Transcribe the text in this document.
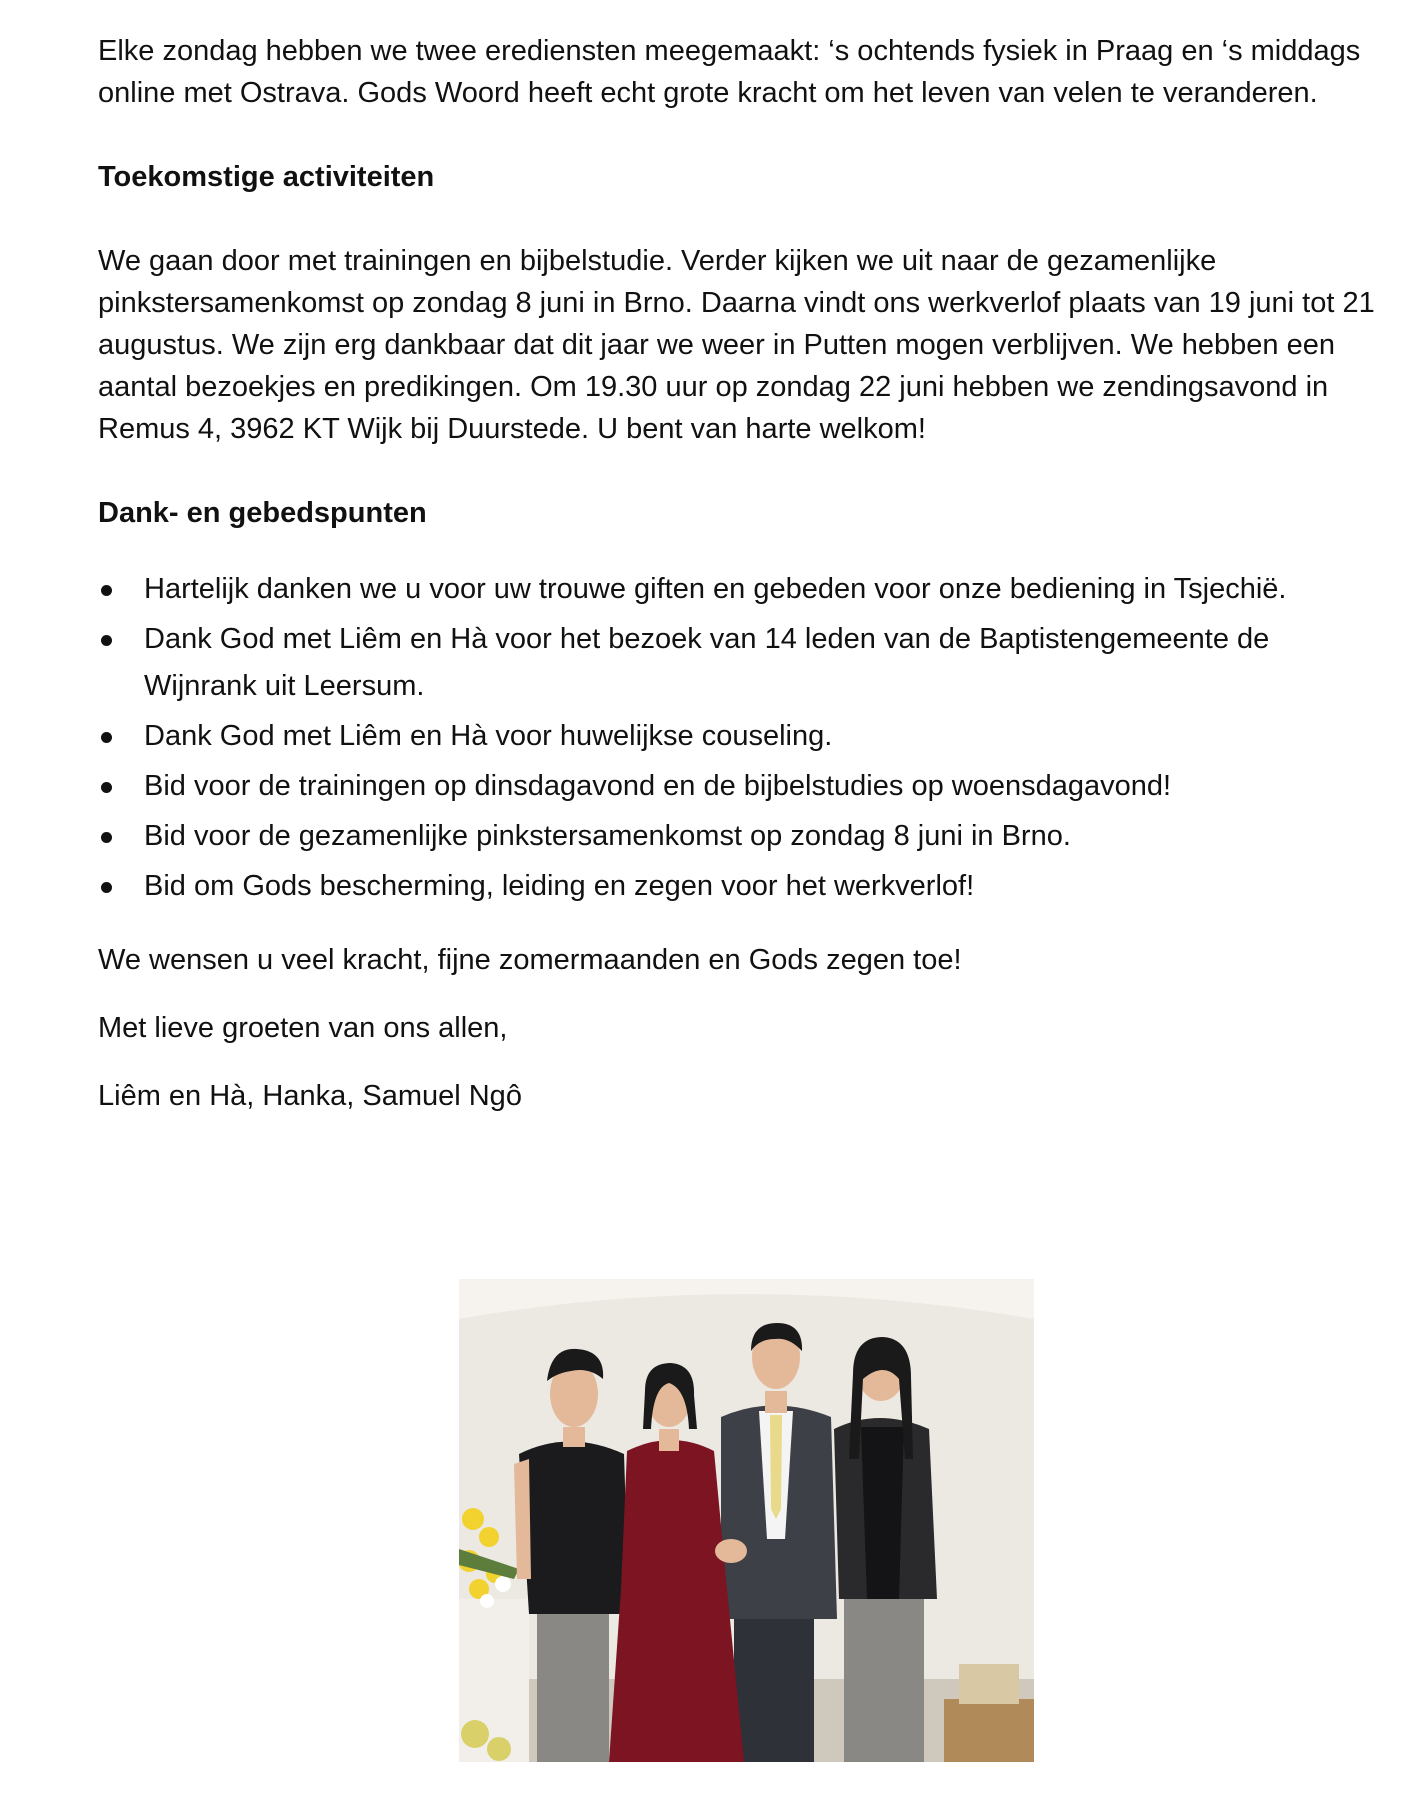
Elke zondag hebben we twee erediensten meegemaakt: ‘s ochtends fysiek in Praag en ‘s middags online met Ostrava. Gods Woord heeft echt grote kracht om het leven van velen te veranderen.

Toekomstige activiteiten

We gaan door met trainingen en bijbelstudie. Verder kijken we uit naar de gezamenlijke pinkstersamenkomst op zondag 8 juni in Brno. Daarna vindt ons werkverlof plaats van 19 juni tot 21 augustus. We zijn erg dankbaar dat dit jaar we weer in Putten mogen verblijven. We hebben een aantal bezoekjes en predikingen. Om 19.30 uur op zondag 22 juni hebben we zendingsavond in Remus 4, 3962 KT Wijk bij Duurstede. U bent van harte welkom!

Dank- en gebedspunten

Hartelijk danken we u voor uw trouwe giften en gebeden voor onze bediening in Tsjechië.
Dank God met Liêm en Hà voor het bezoek van 14 leden van de Baptistengemeente de Wijnrank uit Leersum.
Dank God met Liêm en Hà voor huwelijkse couseling.
Bid voor de trainingen op dinsdagavond en de bijbelstudies op woensdagavond!
Bid voor de gezamenlijke pinkstersamenkomst op zondag 8 juni in Brno.
Bid om Gods bescherming, leiding en zegen voor het werkverlof!

We wensen u veel kracht, fijne zomermaanden en Gods zegen toe!

Met lieve groeten van ons allen,

Liêm en Hà, Hanka, Samuel Ngô
